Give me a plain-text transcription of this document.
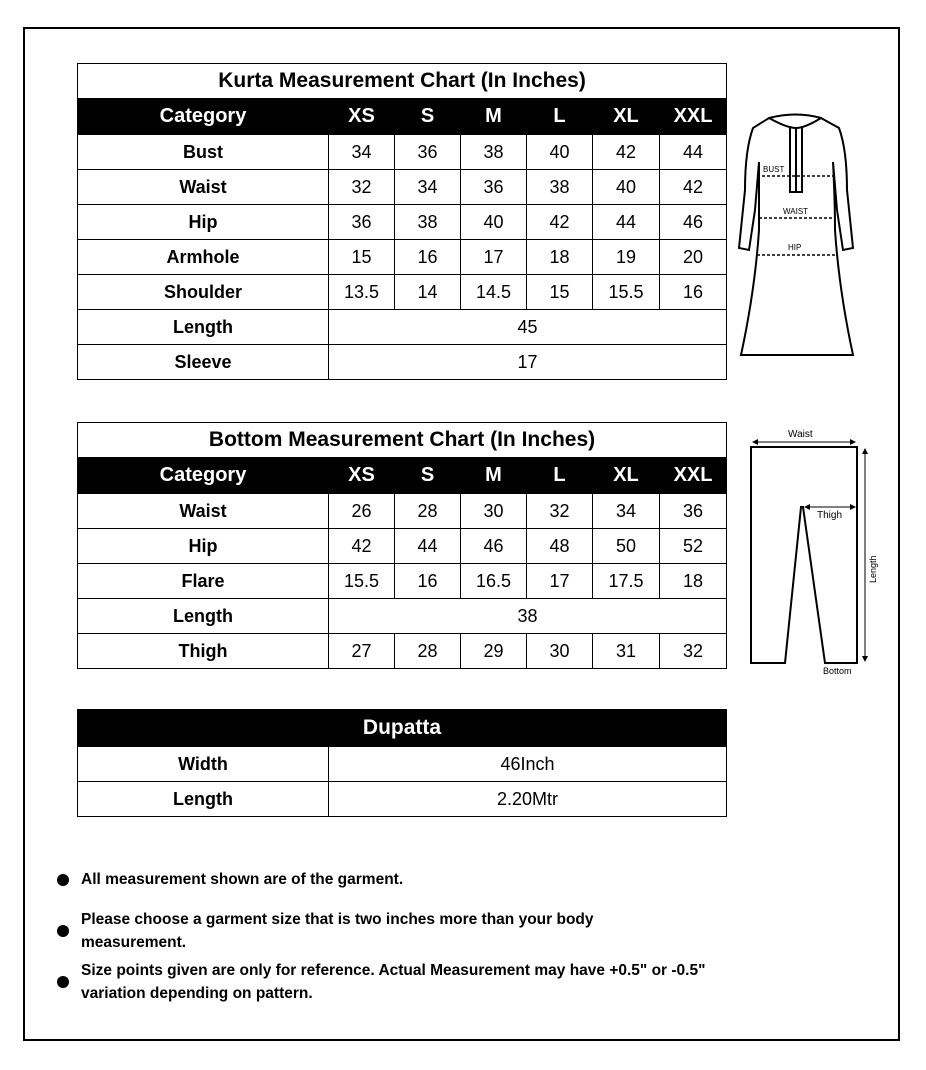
Kurta Measurement Chart (In Inches)						
Category	XS	S	M	L	XL	XXL
Bust	34	36	38	40	42	44
Waist	32	34	36	38	40	42
Hip	36	38	40	42	44	46
Armhole	15	16	17	18	19	20
Shoulder	13.5	14	14.5	15	15.5	16
Length	45					
Sleeve	17					
BUST
WAIST
HIP
Bottom Measurement Chart (In Inches)						
Category	XS	S	M	L	XL	XXL
Waist	26	28	30	32	34	36
Hip	42	44	46	48	50	52
Flare	15.5	16	16.5	17	17.5	18
Length	38					
Thigh	27	28	29	30	31	32
Waist
Thigh
Length
Bottom
Dupatta	
Width	46Inch
Length	2.20Mtr
All measurement shown are of the garment.
Please choose a garment size that is two inches more than your body measurement.
Size points given are only for reference. Actual Measurement may have +0.5" or -0.5" variation depending on pattern.
